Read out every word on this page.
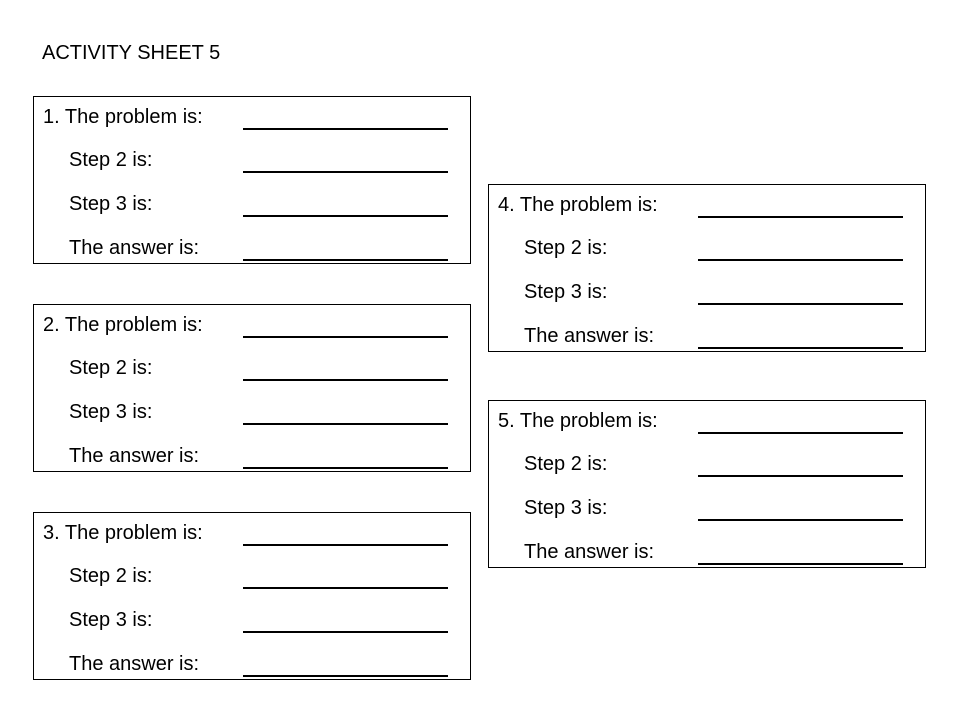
ACTIVITY SHEET 5
1. The problem is:
Step 2 is:
Step 3 is:
The answer is:
2. The problem is:
Step 2 is:
Step 3 is:
The answer is:
3. The problem is:
Step 2 is:
Step 3 is:
The answer is:
4. The problem is:
Step 2 is:
Step 3 is:
The answer is:
5. The problem is:
Step 2 is:
Step 3 is:
The answer is:
